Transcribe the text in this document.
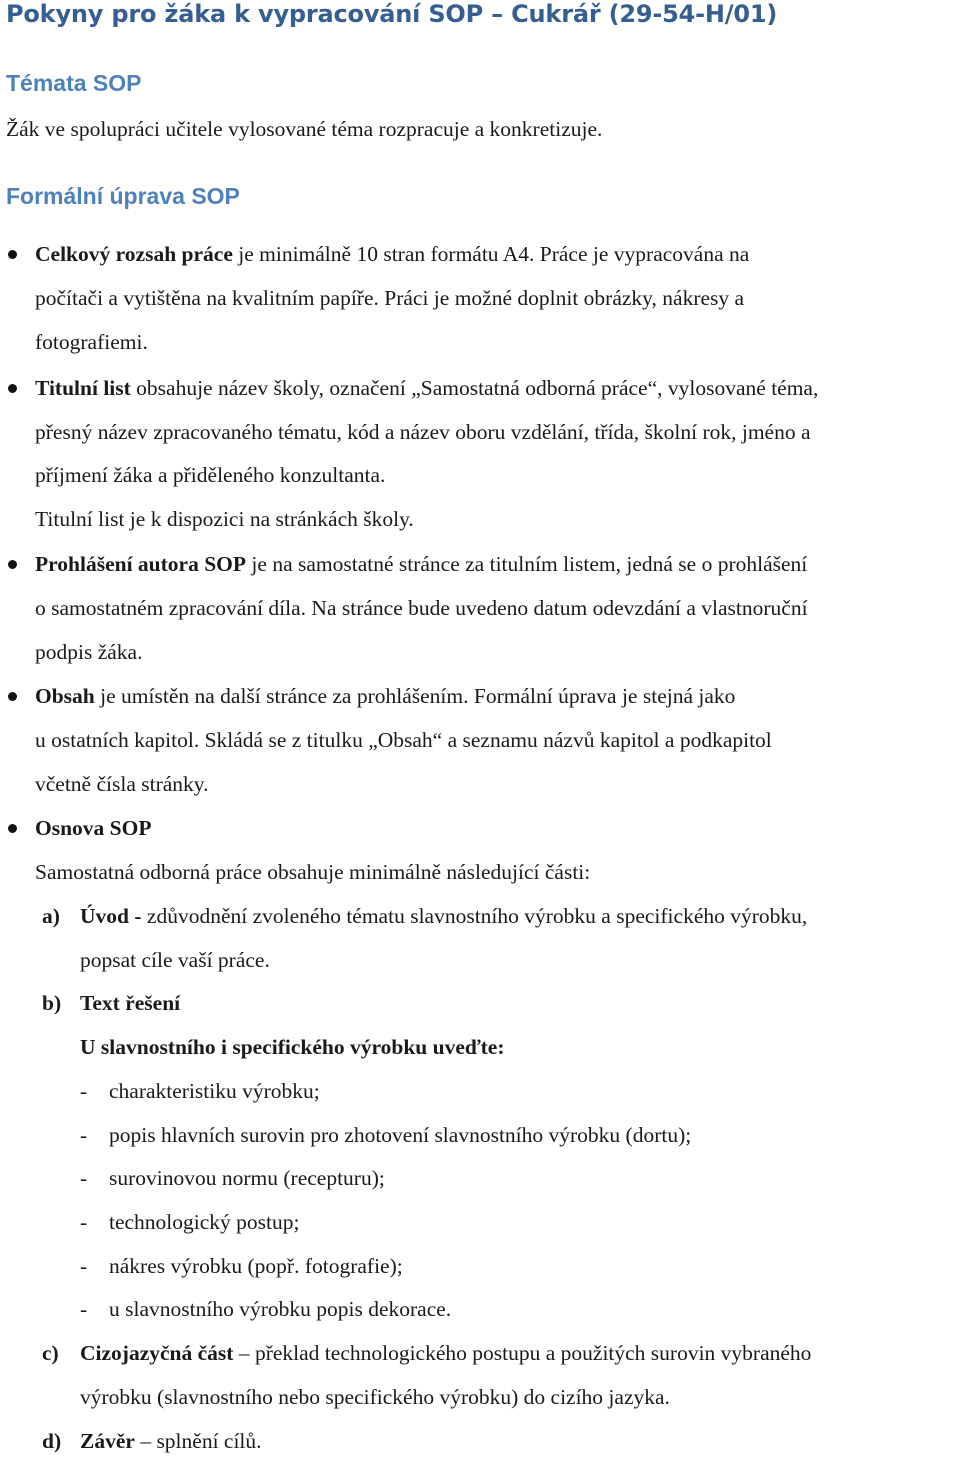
Pokyny pro žáka k vypracování SOP – Cukrář (29-54-H/01)
Témata SOP
Žák ve spolupráci učitele vylosované téma rozpracuje a konkretizuje.
Formální úprava SOP
Celkový rozsah práce je minimálně 10 stran formátu A4. Práce je vypracována na
počítači a vytištěna na kvalitním papíře. Práci je možné doplnit obrázky, nákresy a
fotografiemi.
Titulní list obsahuje název školy, označení „Samostatná odborná práce“, vylosované téma,
přesný název zpracovaného tématu, kód a název oboru vzdělání, třída, školní rok, jméno a
příjmení žáka a přiděleného konzultanta.
Titulní list je k dispozici na stránkách školy.
Prohlášení autora SOP je na samostatné stránce za titulním listem, jedná se o prohlášení
o samostatném zpracování díla. Na stránce bude uvedeno datum odevzdání a vlastnoruční
podpis žáka.
Obsah je umístěn na další stránce za prohlášením. Formální úprava je stejná jako
u ostatních kapitol. Skládá se z titulku „Obsah“ a seznamu názvů kapitol a podkapitol
včetně čísla stránky.
Osnova SOP
Samostatná odborná práce obsahuje minimálně následující části:
a) Úvod - zdůvodnění zvoleného tématu slavnostního výrobku a specifického výrobku,
popsat cíle vaší práce.
b) Text řešení
U slavnostního i specifického výrobku uveďte:
- charakteristiku výrobku;
- popis hlavních surovin pro zhotovení slavnostního výrobku (dortu);
- surovinovou normu (recepturu);
- technologický postup;
- nákres výrobku (popř. fotografie);
- u slavnostního výrobku popis dekorace.
c) Cizojazyčná část – překlad technologického postupu a použitých surovin vybraného
výrobku (slavnostního nebo specifického výrobku) do cizího jazyka.
d) Závěr – splnění cílů.
